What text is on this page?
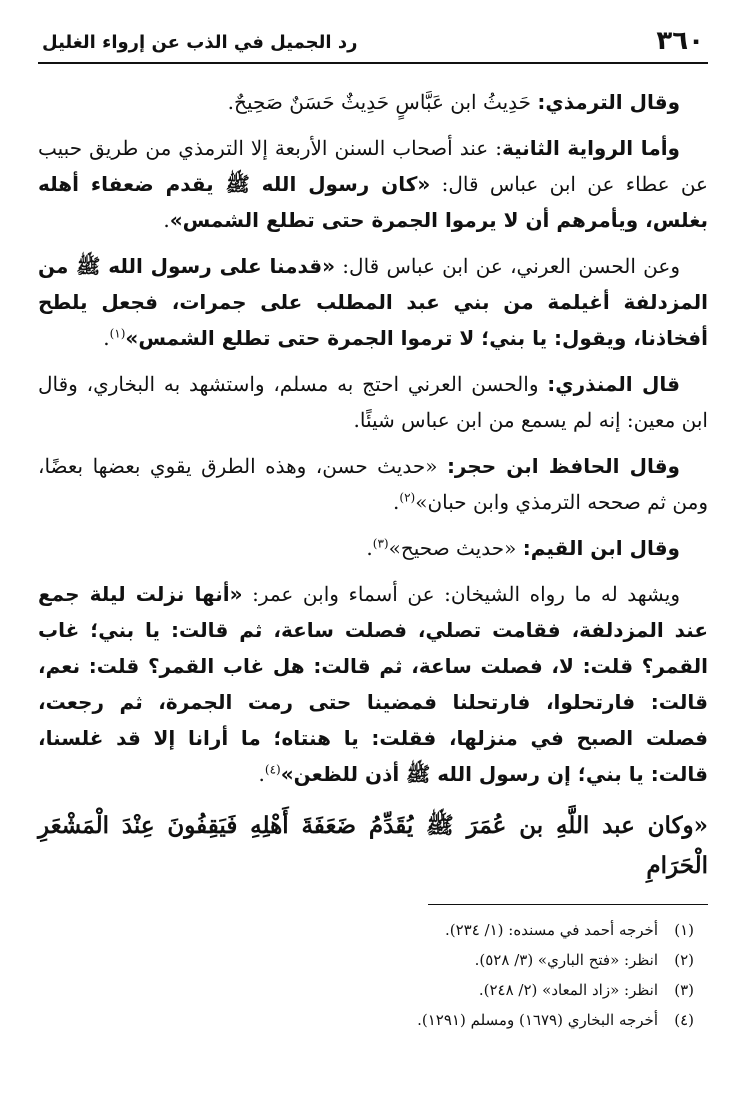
٣٦٠
رد الجميل في الذب عن إرواء الغليل

وقال الترمذي: حَدِيثُ ابن عَبَّاسٍ حَدِيثٌ حَسَنٌ صَحِيحٌ.

وأما الرواية الثانية: عند أصحاب السنن الأربعة إلا الترمذي من طريق حبيب عن عطاء عن ابن عباس قال: «كان رسول الله ﷺ يقدم ضعفاء أهله بغلس، ويأمرهم أن لا يرموا الجمرة حتى تطلع الشمس».

وعن الحسن العرني، عن ابن عباس قال: «قدمنا على رسول الله ﷺ من المزدلفة أغيلمة من بني عبد المطلب على جمرات، فجعل يلطح أفخاذنا، ويقول: يا بني؛ لا ترموا الجمرة حتى تطلع الشمس»$^{(١)}$.

قال المنذري: والحسن العرني احتج به مسلم، واستشهد به البخاري، وقال ابن معين: إنه لم يسمع من ابن عباس شيئًا.

وقال الحافظ ابن حجر: «حديث حسن، وهذه الطرق يقوي بعضها بعضًا، ومن ثم صححه الترمذي وابن حبان»$^{(٢)}$.

وقال ابن القيم: «حديث صحيح»$^{(٣)}$.

ويشهد له ما رواه الشيخان: عن أسماء وابن عمر: «أنها نزلت ليلة جمع عند المزدلفة، فقامت تصلي، فصلت ساعة، ثم قالت: يا بني؛ غاب القمر؟ قلت: لا، فصلت ساعة، ثم قالت: هل غاب القمر؟ قلت: نعم، قالت: فارتحلوا، فارتحلنا فمضينا حتى رمت الجمرة، ثم رجعت، فصلت الصبح في منزلها، فقلت: يا هنتاه؛ ما أرانا إلا قد غلسنا، قالت: يا بني؛ إن رسول الله ﷺ أذن للظعن»$^{(٤)}$.

«وكان عبد اللَّهِ بن عُمَرَ ﷺ يُقَدِّمُ ضَعَفَةَ أَهْلِهِ فَيَقِفُونَ عِنْدَ الْمَشْعَرِ الْحَرَامِ
(١)
أخرجه أحمد في مسنده: (١/ ٢٣٤).
(٢)
انظر: «فتح الباري» (٣/ ٥٢٨).
(٣)
انظر: «زاد المعاد» (٢/ ٢٤٨).
(٤)
أخرجه البخاري (١٦٧٩) ومسلم (١٢٩١).
